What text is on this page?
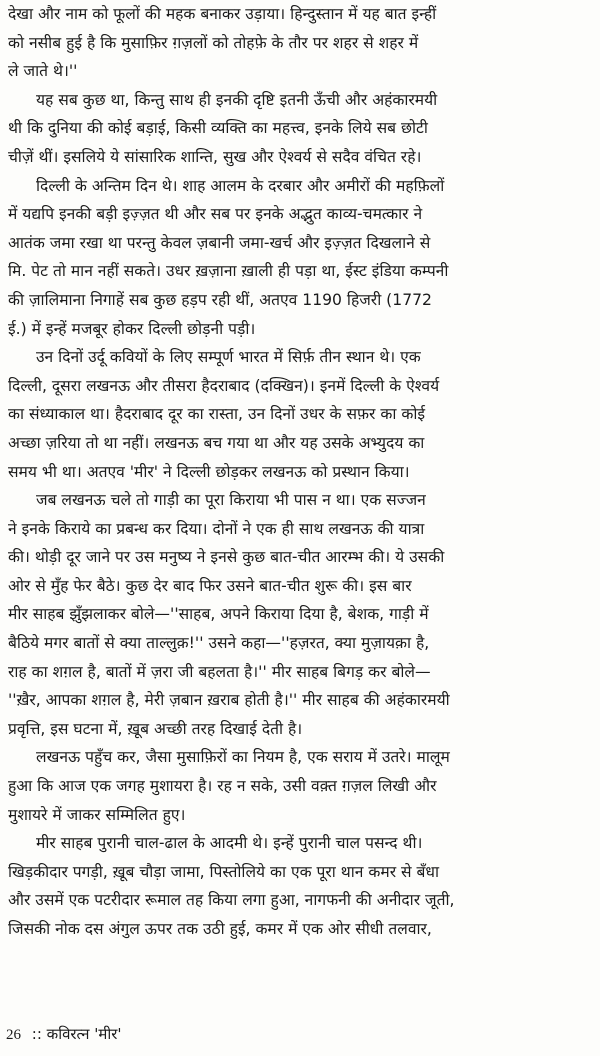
देखा और नाम को फूलों की महक बनाकर उड़ाया। हिन्दुस्तान में यह बात इन्हीं
को नसीब हुई है कि मुसाफ़िर ग़ज़लों को तोहफ़े के तौर पर शहर से शहर में
ले जाते थे।''
यह सब कुछ था, किन्तु साथ ही इनकी दृष्टि इतनी ऊँची और अहंकारमयी
थी कि दुनिया की कोई बड़ाई, किसी व्यक्ति का महत्त्व, इनके लिये सब छोटी
चीज़ें थीं। इसलिये ये सांसारिक शान्ति, सुख और ऐश्वर्य से सदैव वंचित रहे।
दिल्ली के अन्तिम दिन थे। शाह आलम के दरबार और अमीरों की महफ़िलों
में यद्यपि इनकी बड़ी इज़्ज़त थी और सब पर इनके अद्भुत काव्य-चमत्कार ने
आतंक जमा रखा था परन्तु केवल ज़बानी जमा-खर्च और इज़्ज़त दिखलाने से
मि. पेट तो मान नहीं सकते। उधर ख़ज़ाना ख़ाली ही पड़ा था, ईस्ट इंडिया कम्पनी
की ज़ालिमाना निगाहें सब कुछ हड़प रही थीं, अतएव 1190 हिजरी (1772
ई.) में इन्हें मजबूर होकर दिल्ली छोड़नी पड़ी।
उन दिनों उर्दू कवियों के लिए सम्पूर्ण भारत में सिर्फ़ तीन स्थान थे। एक
दिल्ली, दूसरा लखनऊ और तीसरा हैदराबाद (दक्खिन)। इनमें दिल्ली के ऐश्वर्य
का संध्याकाल था। हैदराबाद दूर का रास्ता, उन दिनों उधर के सफ़र का कोई
अच्छा ज़रिया तो था नहीं। लखनऊ बच गया था और यह उसके अभ्युदय का
समय भी था। अतएव 'मीर' ने दिल्ली छोड़कर लखनऊ को प्रस्थान किया।
जब लखनऊ चले तो गाड़ी का पूरा किराया भी पास न था। एक सज्जन
ने इनके किराये का प्रबन्ध कर दिया। दोनों ने एक ही साथ लखनऊ की यात्रा
की। थोड़ी दूर जाने पर उस मनुष्य ने इनसे कुछ बात-चीत आरम्भ की। ये उसकी
ओर से मुँह फेर बैठे। कुछ देर बाद फिर उसने बात-चीत शुरू की। इस बार
मीर साहब झुँझलाकर बोले—''साहब, अपने किराया दिया है, बेशक, गाड़ी में
बैठिये मगर बातों से क्या ताल्लुक़!'' उसने कहा—''हज़रत, क्या मुज़ायक़ा है,
राह का शग़ल है, बातों में ज़रा जी बहलता है।'' मीर साहब बिगड़ कर बोले—
''ख़ैर, आपका शग़ल है, मेरी ज़बान ख़राब होती है।'' मीर साहब की अहंकारमयी
प्रवृत्ति, इस घटना में, ख़ूब अच्छी तरह दिखाई देती है।
लखनऊ पहुँच कर, जैसा मुसाफ़िरों का नियम है, एक सराय में उतरे। मालूम
हुआ कि आज एक जगह मुशायरा है। रह न सके, उसी वक़्त ग़ज़ल लिखी और
मुशायरे में जाकर सम्मिलित हुए।
मीर साहब पुरानी चाल-ढाल के आदमी थे। इन्हें पुरानी चाल पसन्द थी।
खिड़कीदार पगड़ी, ख़ूब चौड़ा जामा, पिस्तोलिये का एक पूरा थान कमर से बँधा
और उसमें एक पटरीदार रूमाल तह किया लगा हुआ, नागफनी की अनीदार जूती,
जिसकी नोक दस अंगुल ऊपर तक उठी हुई, कमर में एक ओर सीधी तलवार,
26 :: कविरत्न 'मीर'
